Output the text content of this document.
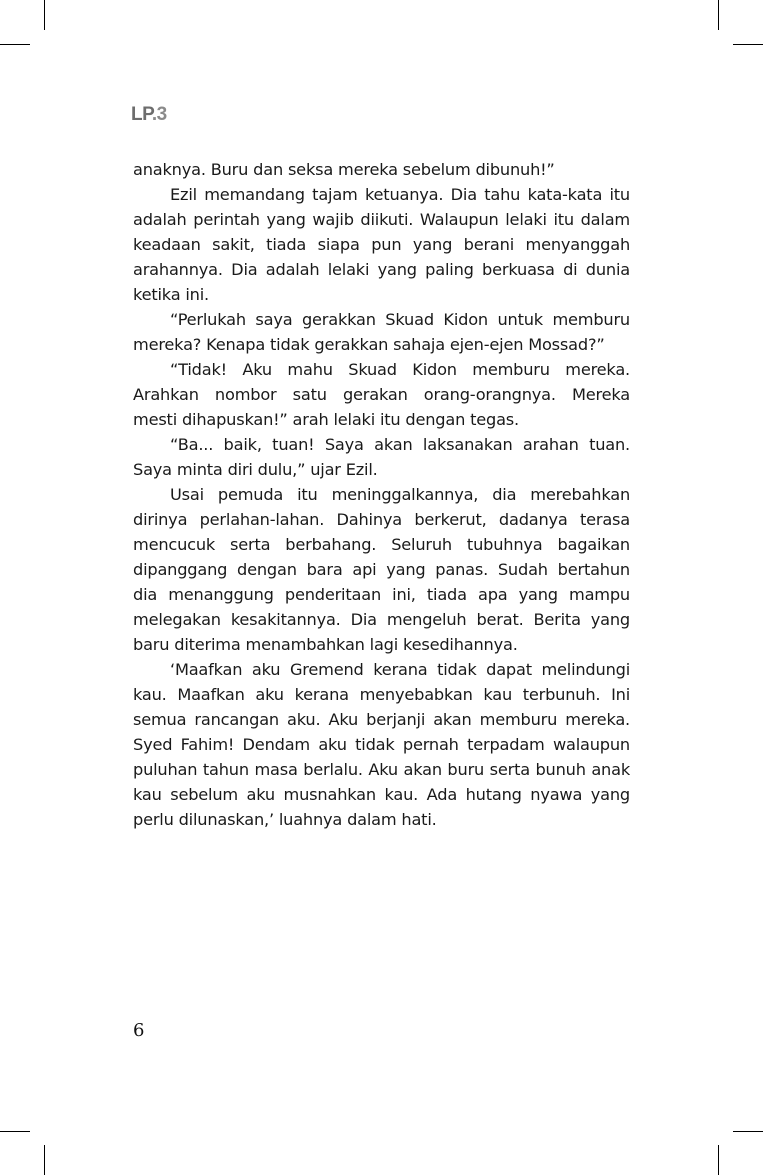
LP.3
anaknya. Buru dan seksa mereka sebelum dibunuh!”
Ezil memandang tajam ketuanya. Dia tahu kata-kata itu
adalah perintah yang wajib diikuti. Walaupun lelaki itu dalam
keadaan sakit, tiada siapa pun yang berani menyanggah
arahannya. Dia adalah lelaki yang paling berkuasa di dunia
ketika ini.
“Perlukah saya gerakkan Skuad Kidon untuk memburu
mereka? Kenapa tidak gerakkan sahaja ejen-ejen Mossad?”
“Tidak! Aku mahu Skuad Kidon memburu mereka.
Arahkan nombor satu gerakan orang-orangnya. Mereka
mesti dihapuskan!” arah lelaki itu dengan tegas.
“Ba... baik, tuan! Saya akan laksanakan arahan tuan.
Saya minta diri dulu,” ujar Ezil.
Usai pemuda itu meninggalkannya, dia merebahkan
dirinya perlahan-lahan. Dahinya berkerut, dadanya terasa
mencucuk serta berbahang. Seluruh tubuhnya bagaikan
dipanggang dengan bara api yang panas. Sudah bertahun
dia menanggung penderitaan ini, tiada apa yang mampu
melegakan kesakitannya. Dia mengeluh berat. Berita yang
baru diterima menambahkan lagi kesedihannya.
‘Maafkan aku Gremend kerana tidak dapat melindungi
kau. Maafkan aku kerana menyebabkan kau terbunuh. Ini
semua rancangan aku. Aku berjanji akan memburu mereka.
Syed Fahim! Dendam aku tidak pernah terpadam walaupun
puluhan tahun masa berlalu. Aku akan buru serta bunuh anak
kau sebelum aku musnahkan kau. Ada hutang nyawa yang
perlu dilunaskan,’ luahnya dalam hati.
6
